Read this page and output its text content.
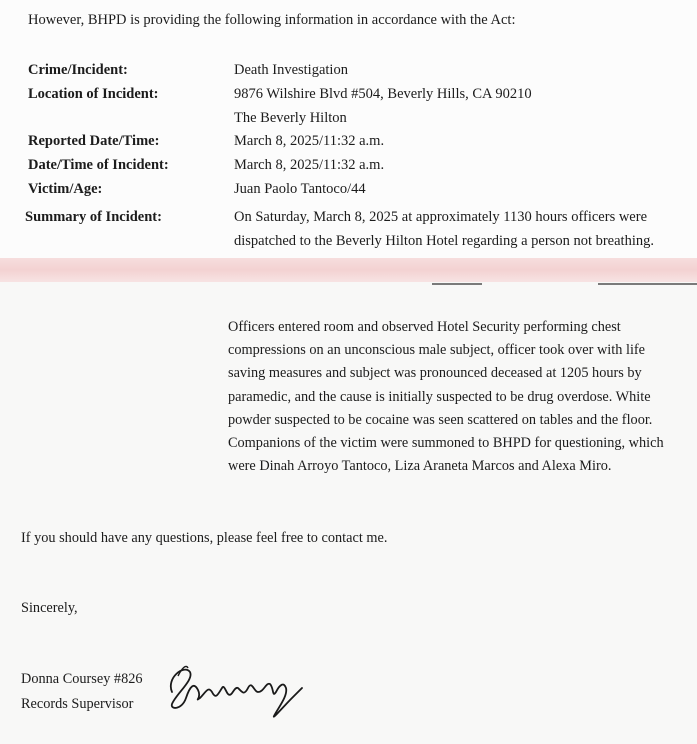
However, BHPD is providing the following information in accordance with the Act:
Crime/Incident:	Death Investigation
Location of Incident:	9876 Wilshire Blvd #504, Beverly Hills, CA 90210
The Beverly Hilton
Reported Date/Time:	March 8, 2025/11:32 a.m.
Date/Time of Incident:	March 8, 2025/11:32 a.m.
Victim/Age:	Juan Paolo Tantoco/44
Summary of Incident:	On Saturday, March 8, 2025 at approximately 1130 hours officers were
dispatched to the Beverly Hilton Hotel regarding a person not breathing.
Officers entered room and observed Hotel Security performing chest
compressions on an unconscious male subject, officer took over with life
saving measures and subject was pronounced deceased at 1205 hours by
paramedic, and the cause is initially suspected to be drug overdose. White
powder suspected to be cocaine was seen scattered on tables and the floor.
Companions of the victim were summoned to BHPD for questioning, which
were Dinah Arroyo Tantoco, Liza Araneta Marcos and Alexa Miro.
If you should have any questions, please feel free to contact me.
Sincerely,
Donna Coursey #826
Records Supervisor
